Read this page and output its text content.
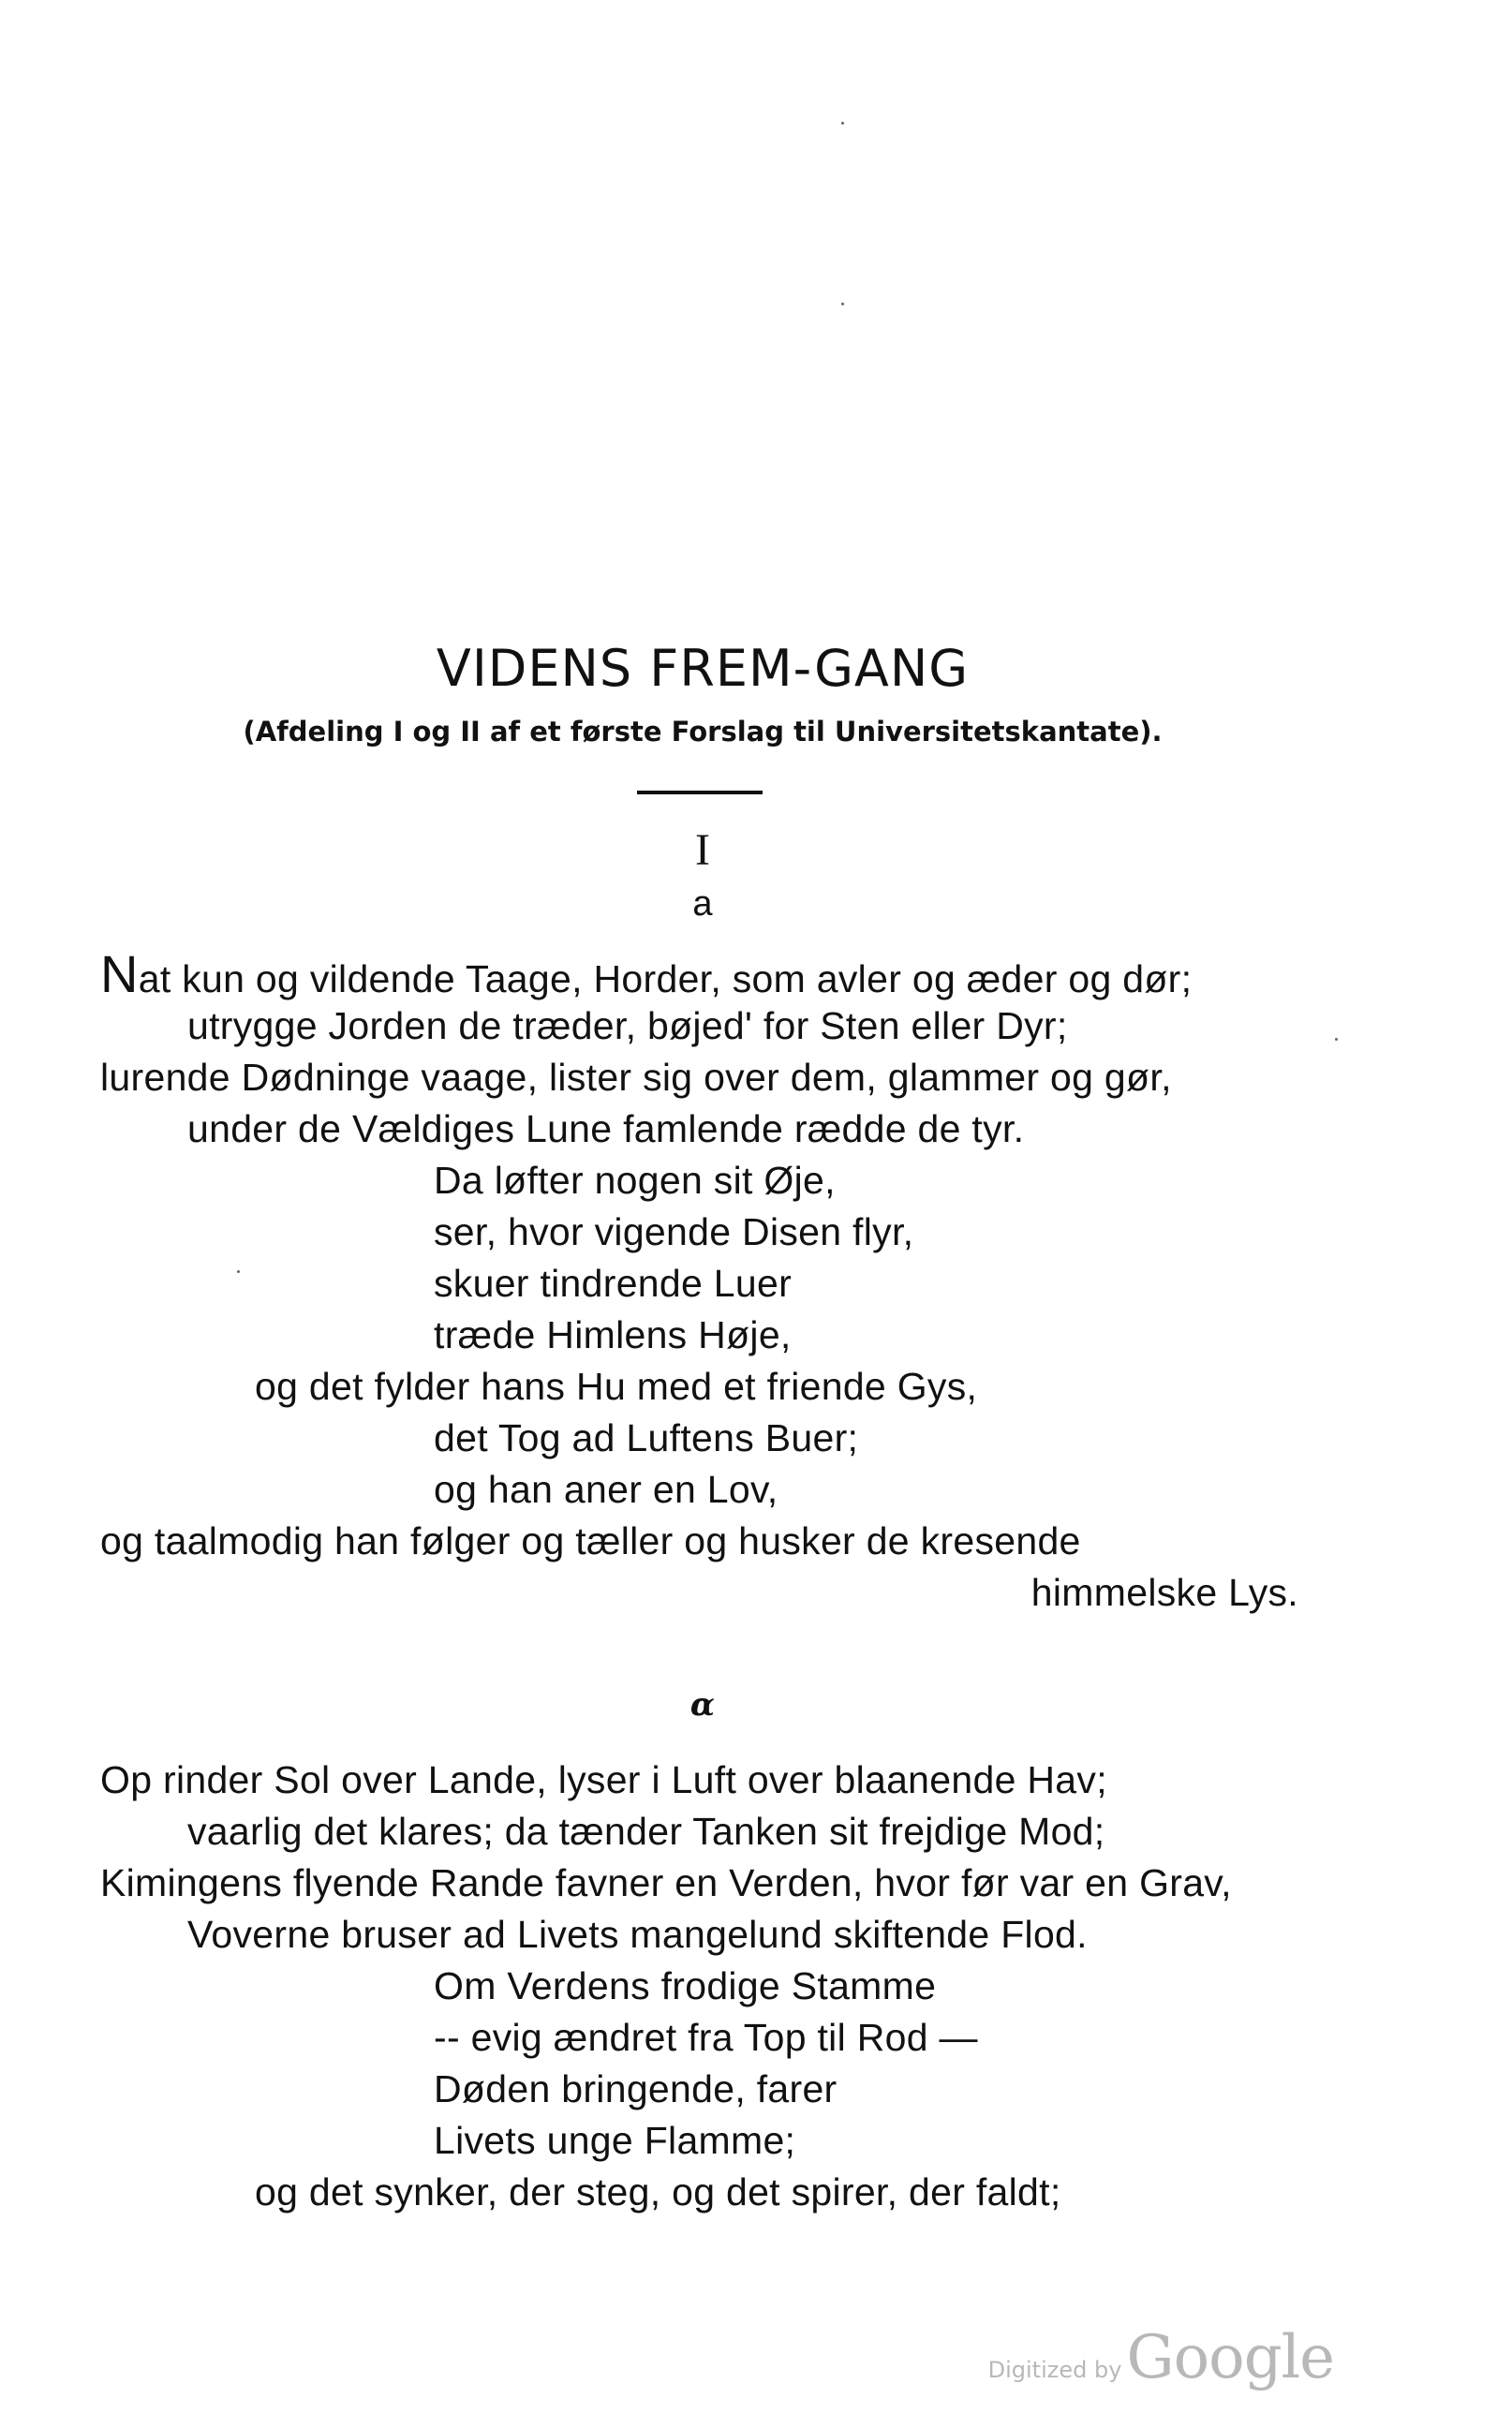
VIDENS FREM-GANG
(Afdeling I og II af et første Forslag til Universitetskantate).
I
a
Nat kun og vildende Taage, Horder, som avler og æder og dør;
utrygge Jorden de træder, bøjed' for Sten eller Dyr;
lurende Dødninge vaage, lister sig over dem, glammer og gør,
under de Vældiges Lune famlende rædde de tyr.
Da løfter nogen sit Øje,
ser, hvor vigende Disen flyr,
skuer tindrende Luer
træde Himlens Høje,
og det fylder hans Hu med et friende Gys,
det Tog ad Luftens Buer;
og han aner en Lov,
og taalmodig han følger og tæller og husker de kresende
himmelske Lys.
α
Op rinder Sol over Lande, lyser i Luft over blaanende Hav;
vaarlig det klares; da tænder Tanken sit frejdige Mod;
Kimingens flyende Rande favner en Verden, hvor før var en Grav,
Voverne bruser ad Livets mangelund skiftende Flod.
Om Verdens frodige Stamme
-- evig ændret fra Top til Rod —
Døden bringende, farer
Livets unge Flamme;
og det synker, der steg, og det spirer, der faldt;
Digitized by Google
